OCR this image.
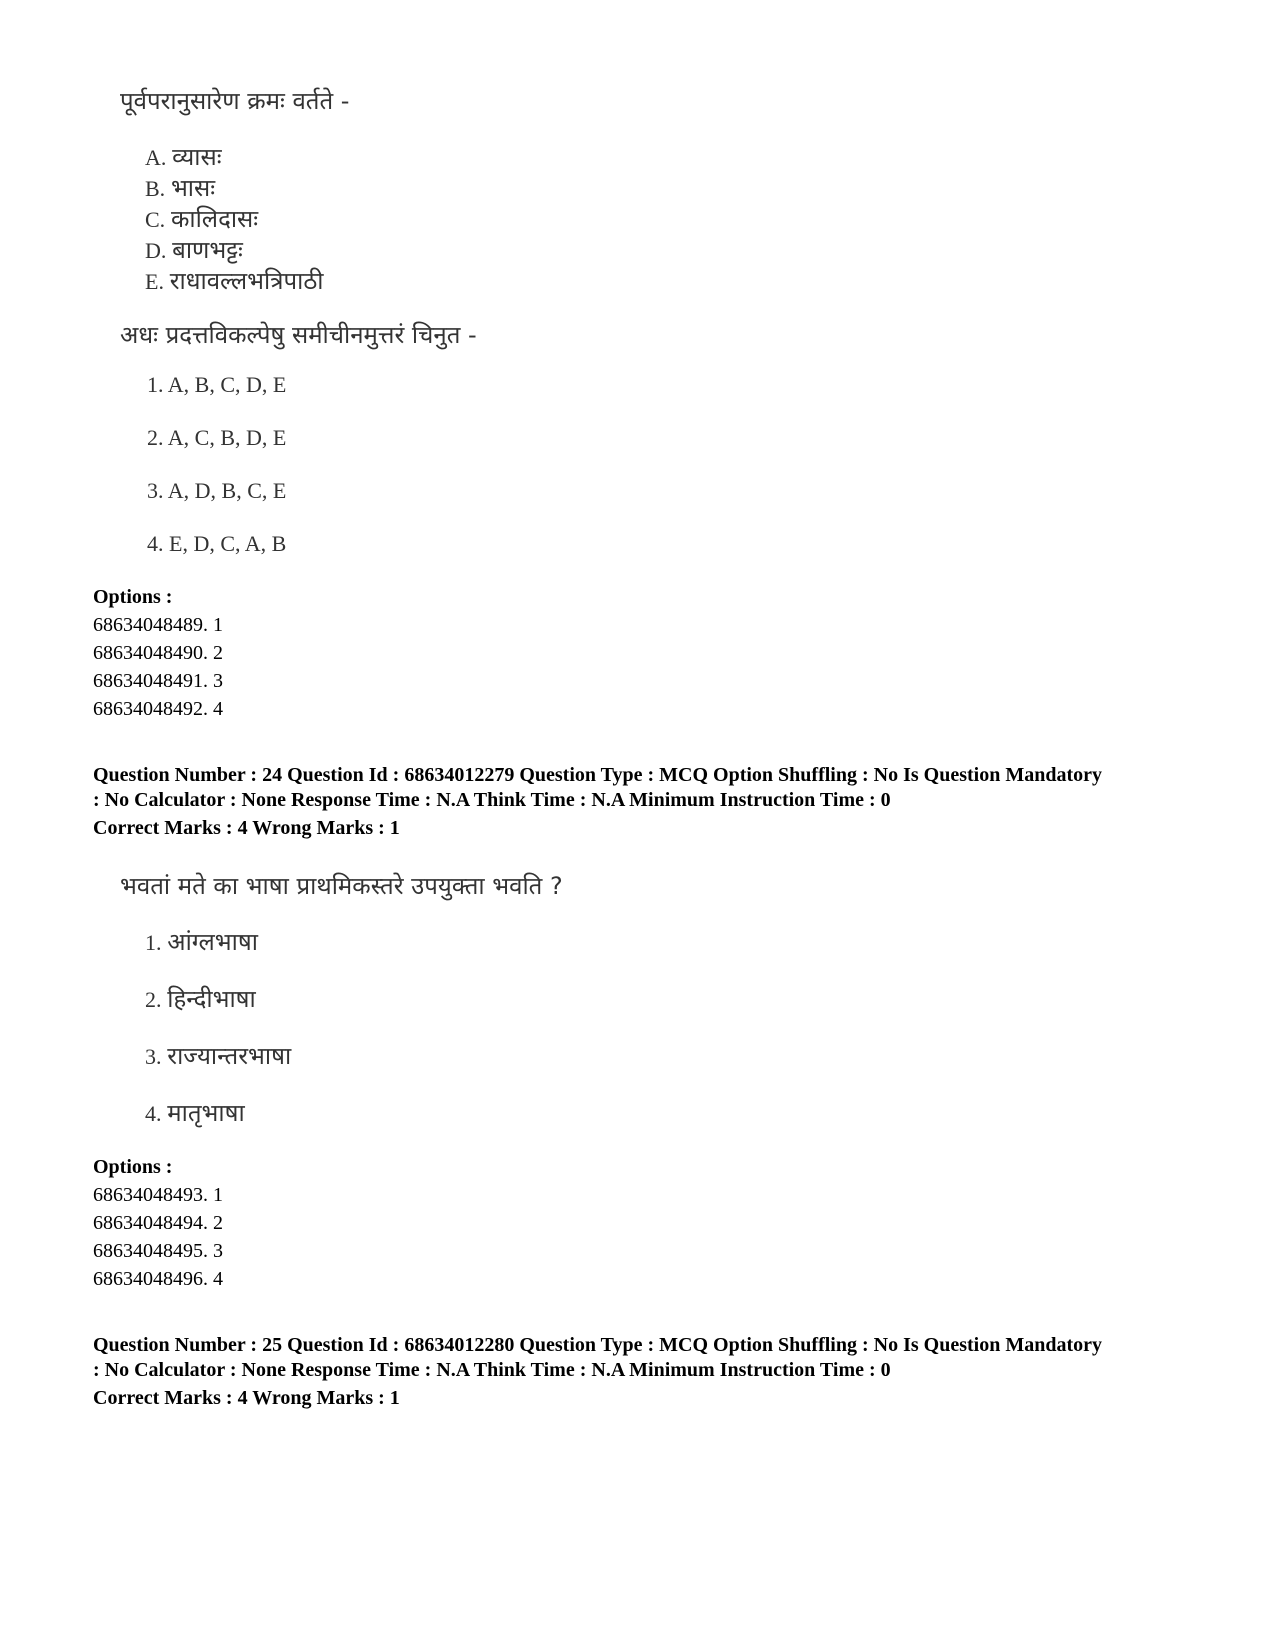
पूर्वपरानुसारेण क्रमः वर्तते -
A. व्यासः
B. भासः
C. कालिदासः
D. बाणभट्टः
E. राधावल्लभत्रिपाठी
अधः प्रदत्तविकल्पेषु समीचीनमुत्तरं चिनुत -
1. A, B, C, D, E
2. A, C, B, D, E
3. A, D, B, C, E
4. E, D, C, A, B
Options :
68634048489. 1
68634048490. 2
68634048491. 3
68634048492. 4
Question Number : 24 Question Id : 68634012279 Question Type : MCQ Option Shuffling : No Is Question Mandatory
: No Calculator : None Response Time : N.A Think Time : N.A Minimum Instruction Time : 0
Correct Marks : 4 Wrong Marks : 1
भवतां मते का भाषा प्राथमिकस्तरे उपयुक्ता भवति ?
1. आंग्लभाषा
2. हिन्दीभाषा
3. राज्यान्तरभाषा
4. मातृभाषा
Options :
68634048493. 1
68634048494. 2
68634048495. 3
68634048496. 4
Question Number : 25 Question Id : 68634012280 Question Type : MCQ Option Shuffling : No Is Question Mandatory
: No Calculator : None Response Time : N.A Think Time : N.A Minimum Instruction Time : 0
Correct Marks : 4 Wrong Marks : 1
